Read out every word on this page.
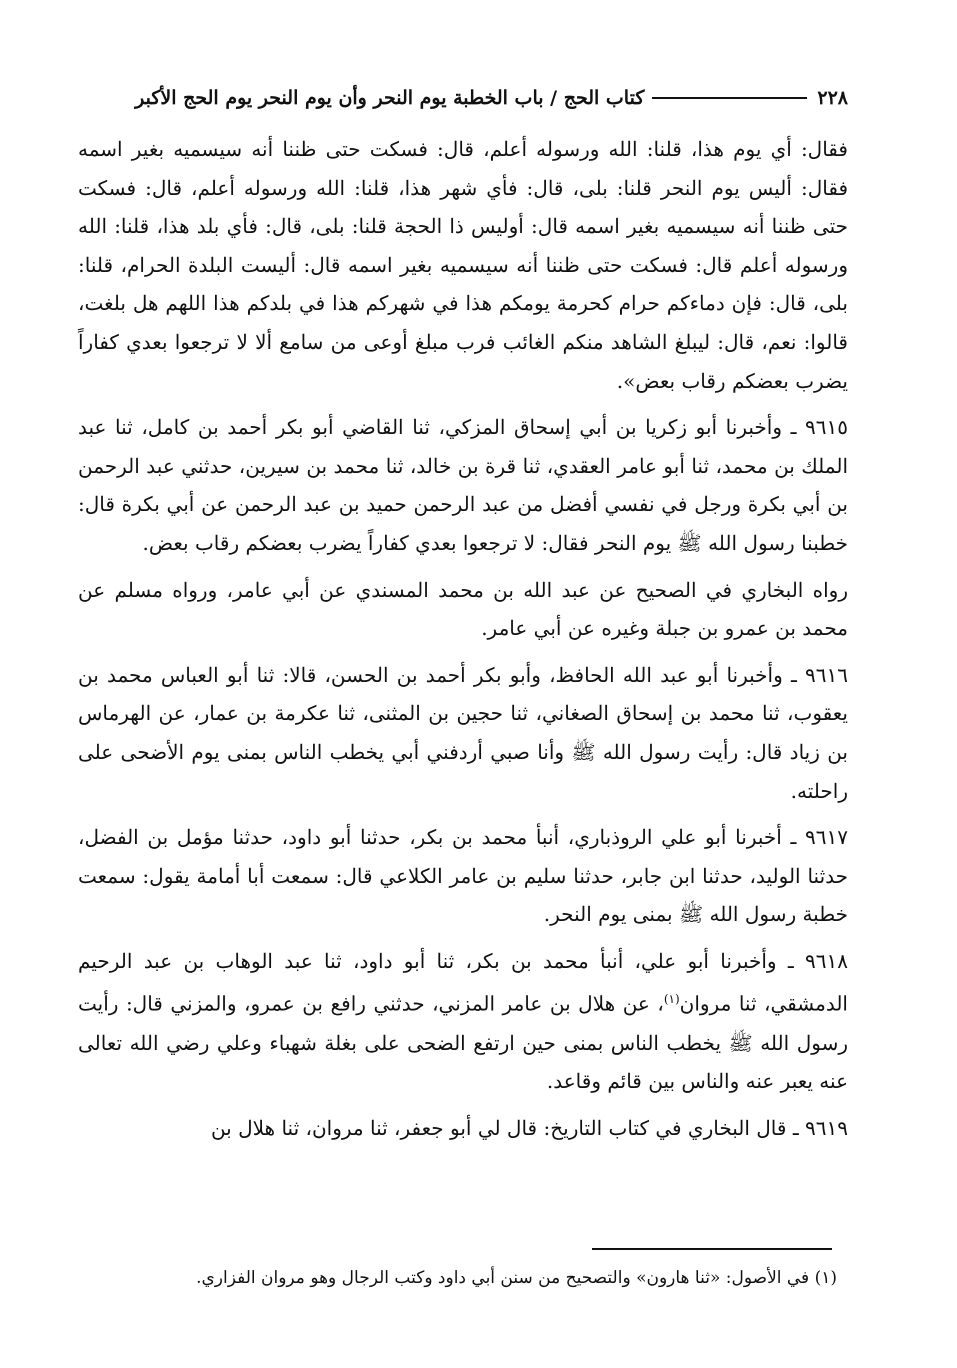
٢٢٨
كتاب الحج / باب الخطبة يوم النحر وأن يوم النحر يوم الحج الأكبر

فقال: أي يوم هذا، قلنا: الله ورسوله أعلم، قال: فسكت حتى ظننا أنه سيسميه بغير اسمه فقال: أليس يوم النحر قلنا: بلى، قال: فأي شهر هذا، قلنا: الله ورسوله أعلم، قال: فسكت حتى ظننا أنه سيسميه بغير اسمه قال: أوليس ذا الحجة قلنا: بلى، قال: فأي بلد هذا، قلنا: الله ورسوله أعلم قال: فسكت حتى ظننا أنه سيسميه بغير اسمه قال: أليست البلدة الحرام، قلنا: بلى، قال: فإن دماءكم حرام كحرمة يومكم هذا في شهركم هذا في بلدكم هذا اللهم هل بلغت، قالوا: نعم، قال: ليبلغ الشاهد منكم الغائب فرب مبلغ أوعى من سامع ألا لا ترجعوا بعدي كفاراً يضرب بعضكم رقاب بعض».

٩٦١٥ ـ وأخبرنا أبو زكريا بن أبي إسحاق المزكي، ثنا القاضي أبو بكر أحمد بن كامل، ثنا عبد الملك بن محمد، ثنا أبو عامر العقدي، ثنا قرة بن خالد، ثنا محمد بن سيرين، حدثني عبد الرحمن بن أبي بكرة ورجل في نفسي أفضل من عبد الرحمن حميد بن عبد الرحمن عن أبي بكرة قال: خطبنا رسول الله ﷺ يوم النحر فقال: لا ترجعوا بعدي كفاراً يضرب بعضكم رقاب بعض.

رواه البخاري في الصحيح عن عبد الله بن محمد المسندي عن أبي عامر، ورواه مسلم عن محمد بن عمرو بن جبلة وغيره عن أبي عامر.

٩٦١٦ ـ وأخبرنا أبو عبد الله الحافظ، وأبو بكر أحمد بن الحسن، قالا: ثنا أبو العباس محمد بن يعقوب، ثنا محمد بن إسحاق الصغاني، ثنا حجين بن المثنى، ثنا عكرمة بن عمار، عن الهرماس بن زياد قال: رأيت رسول الله ﷺ وأنا صبي أردفني أبي يخطب الناس بمنى يوم الأضحى على راحلته.

٩٦١٧ ـ أخبرنا أبو علي الروذباري، أنبأ محمد بن بكر، حدثنا أبو داود، حدثنا مؤمل بن الفضل، حدثنا الوليد، حدثنا ابن جابر، حدثنا سليم بن عامر الكلاعي قال: سمعت أبا أمامة يقول: سمعت خطبة رسول الله ﷺ بمنى يوم النحر.

٩٦١٨ ـ وأخبرنا أبو علي، أنبأ محمد بن بكر، ثنا أبو داود، ثنا عبد الوهاب بن عبد الرحيم الدمشقي، ثنا مروان$^{(١)}$، عن هلال بن عامر المزني، حدثني رافع بن عمرو، والمزني قال: رأيت رسول الله ﷺ يخطب الناس بمنى حين ارتفع الضحى على بغلة شهباء وعلي رضي الله تعالى عنه يعبر عنه والناس بين قائم وقاعد.

٩٦١٩ ـ قال البخاري في كتاب التاريخ: قال لي أبو جعفر، ثنا مروان، ثنا هلال بن

(١) في الأصول: «ثنا هارون» والتصحيح من سنن أبي داود وكتب الرجال وهو مروان الفزاري.
